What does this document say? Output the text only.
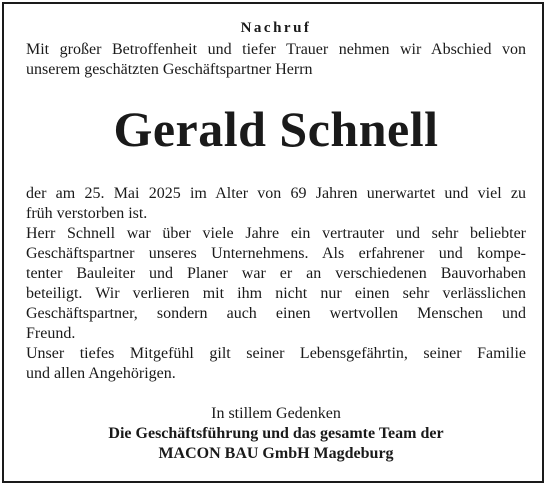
Nachruf

Mit großer Betroffenheit und tiefer Trauer nehmen wir Abschied von
unserem geschätzten Geschäftspartner Herrn
Gerald Schnell
der am 25. Mai 2025 im Alter von 69 Jahren unerwartet und viel zu
früh verstorben ist.
Herr Schnell war über viele Jahre ein vertrauter und sehr beliebter
Geschäftspartner unseres Unternehmens. Als erfahrener und kompe-
tenter Bauleiter und Planer war er an verschiedenen Bauvorhaben
beteiligt. Wir verlieren mit ihm nicht nur einen sehr verlässlichen
Geschäftspartner, sondern auch einen wertvollen Menschen und
Freund.
Unser tiefes Mitgefühl gilt seiner Lebensgefährtin, seiner Familie
und allen Angehörigen.
In stillem Gedenken
Die Geschäftsführung und das gesamte Team der
MACON BAU GmbH Magdeburg
